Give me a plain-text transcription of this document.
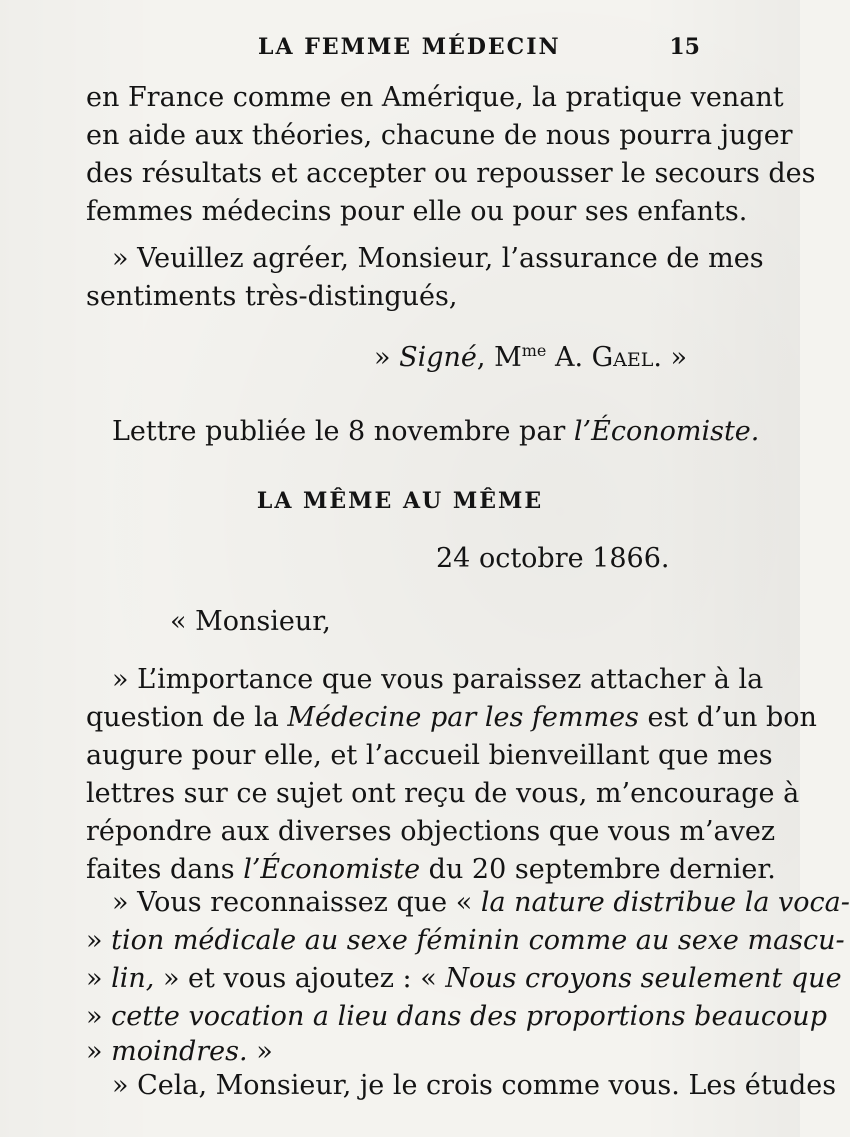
LA FEMME MÉDECIN	15
en France comme en Amérique, la pratique venant
en aide aux théories, chacune de nous pourra juger
des résultats et accepter ou repousser le secours des
femmes médecins pour elle ou pour ses enfants.
» Veuillez agréer, Monsieur, l’assurance de mes
sentiments très-distingués,
» Signé, $M^{me}$ A. Gael. »
Lettre publiée le 8 novembre par l’Économiste.
LA MÊME AU MÊME
24 octobre 1866.
« Monsieur,
» L’importance que vous paraissez attacher à la
question de la Médecine par les femmes est d’un bon
augure pour elle, et l’accueil bienveillant que mes
lettres sur ce sujet ont reçu de vous, m’encourage à
répondre aux diverses objections que vous m’avez
faites dans l’Économiste du 20 septembre dernier.
» Vous reconnaissez que « la nature distribue la voca-
» tion médicale au sexe féminin comme au sexe mascu-
» lin, » et vous ajoutez : « Nous croyons seulement que
» cette vocation a lieu dans des proportions beaucoup
» moindres. »
» Cela, Monsieur, je le crois comme vous. Les études
